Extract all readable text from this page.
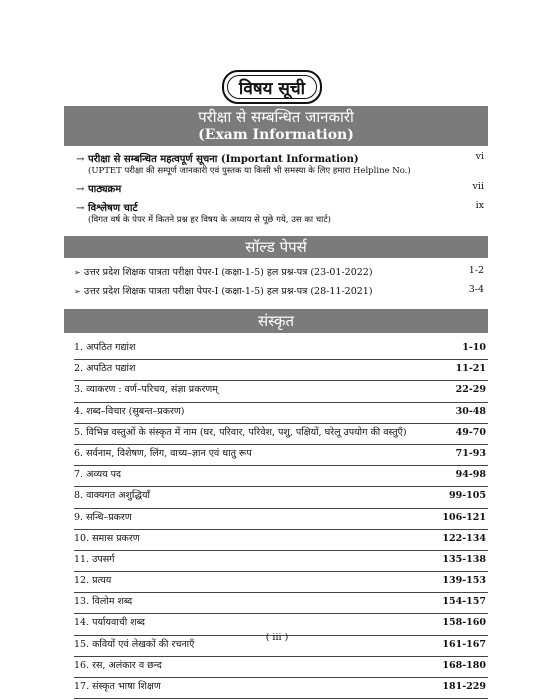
विषय सूची
परीक्षा से सम्बन्धित जानकारी
(Exam Information)
→ परीक्षा से सम्बन्धित महत्वपूर्ण सूचना (Important Information)	vi
(UPTET परीक्षा की सम्पूर्ण जानकारी एवं पुस्तक या किसी भी समस्या के लिए हमारा Helpline No.)
→ पाठ्यक्रम	vii
→ विश्लेषण चार्ट	ix
(विगत वर्ष के पेपर में कितने प्रश्न हर विषय के अध्याय से पूछे गये, उस का चार्ट)
सॉल्ड पेपर्स
➢ उत्तर प्रदेश शिक्षक पात्रता परीक्षा पेपर-I (कक्षा-1-5) हल प्रश्न-पत्र (23-01-2022)	1-2
➢ उत्तर प्रदेश शिक्षक पात्रता परीक्षा पेपर-I (कक्षा-1-5) हल प्रश्न-पत्र (28-11-2021)	3-4
संस्कृत
1. अपठित गद्यांश	1-10
2. अपठित पद्यांश	11-21
3. व्याकरण : वर्ण–परिचय, संज्ञा प्रकरणम्	22-29
4. शब्द–विचार (सुबन्त–प्रकरण)	30-48
5. विभिन्न वस्तुओं के संस्कृत में नाम (घर, परिवार, परिवेश, पशु, पक्षियों, घरेलू उपयोग की वस्तुएँ)	49-70
6. सर्वनाम, विशेषण, लिंग, वाच्य–ज्ञान एवं धातु रूप	71-93
7. अव्यय पद	94-98
8. वाक्यगत अशुद्धियाँ	99-105
9. सन्धि–प्रकरण	106-121
10. समास प्रकरण	122-134
11. उपसर्ग	135-138
12. प्रत्यय	139-153
13. विलोम शब्द	154-157
14. पर्यायवाची शब्द	158-160
15. कवियों एवं लेखकों की रचनाएँ	161-167
16. रस, अलंकार व छन्द	168-180
17. संस्कृत भाषा शिक्षण	181-229
( iii )
